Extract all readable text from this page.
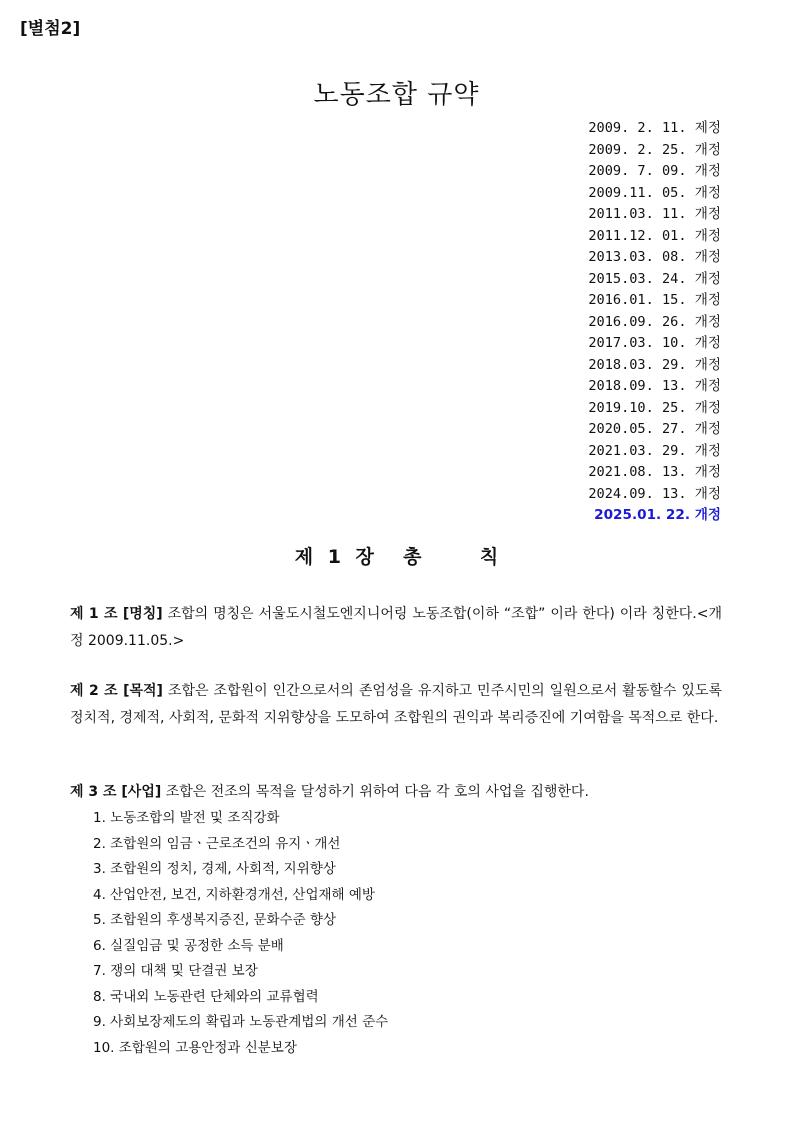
[별첨2]
노동조합 규약
2009. 2. 11. 제정
2009. 2. 25. 개정
2009. 7. 09. 개정
2009.11. 05. 개정
2011.03. 11. 개정
2011.12. 01. 개정
2013.03. 08. 개정
2015.03. 24. 개정
2016.01. 15. 개정
2016.09. 26. 개정
2017.03. 10. 개정
2018.03. 29. 개정
2018.09. 13. 개정
2019.10. 25. 개정
2020.05. 27. 개정
2021.03. 29. 개정
2021.08. 13. 개정
2024.09. 13. 개정
2025.01. 22. 개정
제 1 장  총    칙
제 1 조 [명칭] 조합의 명칭은 서울도시철도엔지니어링 노동조합(이하 “조합” 이라 한다) 이라 칭한다.<개정 2009.11.05.>
제 2 조 [목적] 조합은 조합원이 인간으로서의 존엄성을 유지하고 민주시민의 일원으로서 활동할수 있도록 정치적, 경제적, 사회적, 문화적 지위향상을 도모하여 조합원의 권익과 복리증진에 기여함을 목적으로 한다.
제 3 조 [사업] 조합은 전조의 목적을 달성하기 위하여 다음 각 호의 사업을 집행한다.
1. 노동조합의 발전 및 조직강화
2. 조합원의 임금ㆍ근로조건의 유지ㆍ개선
3. 조합원의 정치, 경제, 사회적, 지위향상
4. 산업안전, 보건, 지하환경개선, 산업재해 예방
5. 조합원의 후생복지증진, 문화수준 향상
6. 실질임금 및 공정한 소득 분배
7. 쟁의 대책 및 단결권 보장
8. 국내외 노동관련 단체와의 교류협력
9. 사회보장제도의 확립과 노동관계법의 개선 준수
10. 조합원의 고용안정과 신분보장
